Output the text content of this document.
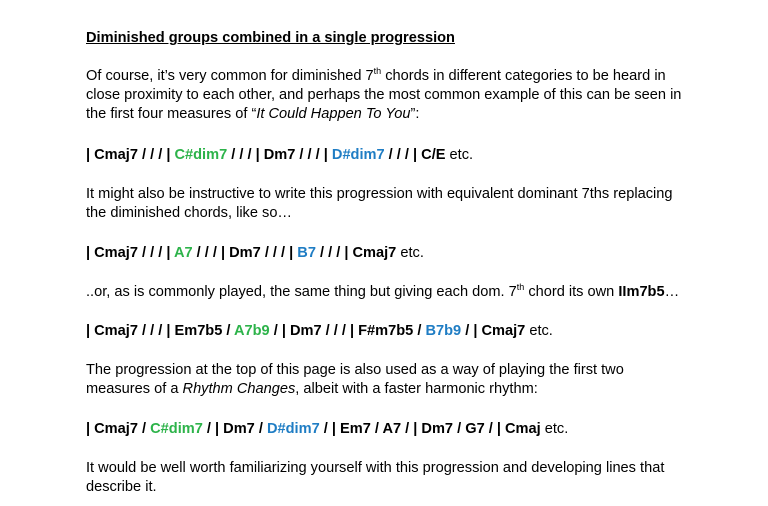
Diminished groups combined in a single progression
Of course, it’s very common for diminished 7th chords in different categories to be heard in
close proximity to each other, and perhaps the most common example of this can be seen in
the first four measures of “It Could Happen To You”:
| Cmaj7 / / / | C#dim7 / / / | Dm7 / / / | D#dim7 / / / | C/E etc.
It might also be instructive to write this progression with equivalent dominant 7ths replacing
the diminished chords, like so…
| Cmaj7 / / / | A7 / / / | Dm7 / / / | B7 / / / | Cmaj7 etc.
..or, as is commonly played, the same thing but giving each dom. 7th chord its own IIm7b5…
| Cmaj7 / / / | Em7b5 / A7b9 / | Dm7 / / / | F#m7b5 / B7b9 / | Cmaj7 etc.
The progression at the top of this page is also used as a way of playing the first two
measures of a Rhythm Changes, albeit with a faster harmonic rhythm:
| Cmaj7 / C#dim7 / | Dm7 / D#dim7 / | Em7 / A7 / | Dm7 / G7 / | Cmaj etc.
It would be well worth familiarizing yourself with this progression and developing lines that
describe it.
